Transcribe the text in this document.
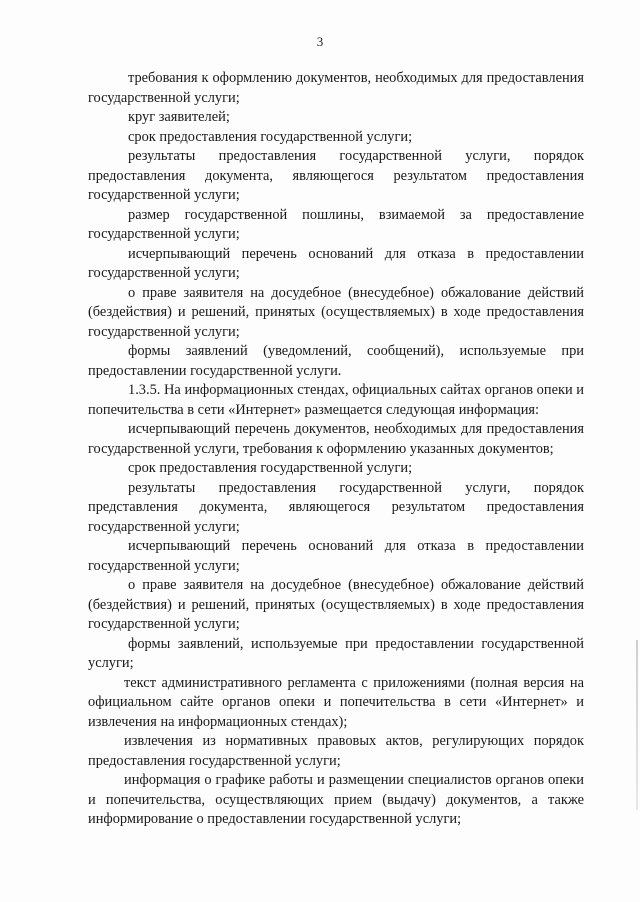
3

требования к оформлению документов, необходимых для предоставления государственной услуги;

круг заявителей;

срок предоставления государственной услуги;

результаты предоставления государственной услуги, порядок предоставления документа, являющегося результатом предоставления государственной услуги;

размер государственной пошлины, взимаемой за предоставление государственной услуги;

исчерпывающий перечень оснований для отказа в предоставлении государственной услуги;

о праве заявителя на досудебное (внесудебное) обжалование действий (бездействия) и решений, принятых (осуществляемых) в ходе предоставления государственной услуги;

формы заявлений (уведомлений, сообщений), используемые при предоставлении государственной услуги.

1.3.5. На информационных стендах, официальных сайтах органов опеки и попечительства в сети «Интернет» размещается следующая информация:

исчерпывающий перечень документов, необходимых для предоставления государственной услуги, требования к оформлению указанных документов;

срок предоставления государственной услуги;

результаты предоставления государственной услуги, порядок представления документа, являющегося результатом предоставления государственной услуги;

исчерпывающий перечень оснований для отказа в предоставлении государственной услуги;

о праве заявителя на досудебное (внесудебное) обжалование действий (бездействия) и решений, принятых (осуществляемых) в ходе предоставления государственной услуги;

формы заявлений, используемые при предоставлении государственной услуги;

текст административного регламента с приложениями (полная версия на официальном сайте органов опеки и попечительства в сети «Интернет» и извлечения на информационных стендах);

извлечения из нормативных правовых актов, регулирующих порядок предоставления государственной услуги;

информация о графике работы и размещении специалистов органов опеки и попечительства, осуществляющих прием (выдачу) документов, а также информирование о предоставлении государственной услуги;
